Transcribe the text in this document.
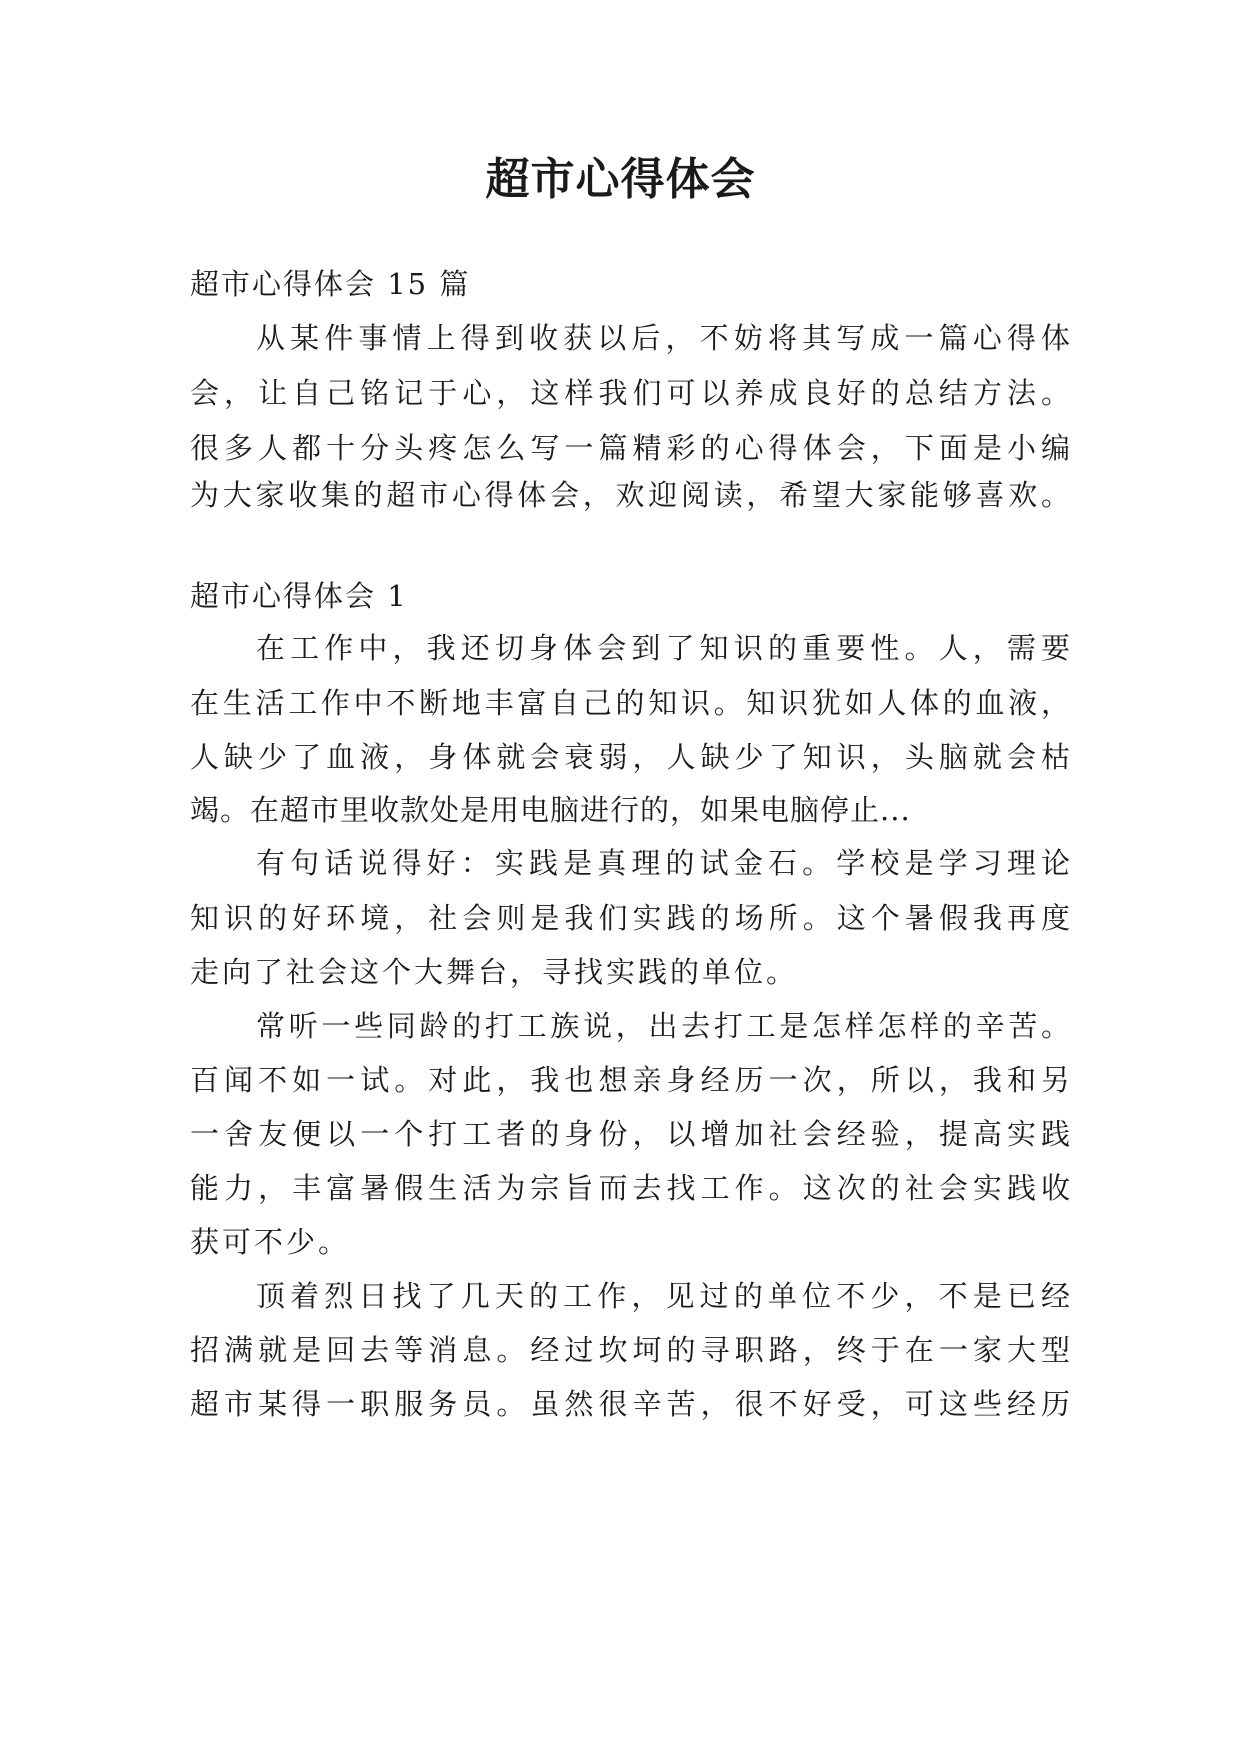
超市心得体会
超市心得体会 15 篇
从某件事情上得到收获以后，不妨将其写成一篇心得体
会，让自己铭记于心，这样我们可以养成良好的总结方法。
很多人都十分头疼怎么写一篇精彩的心得体会，下面是小编
为大家收集的超市心得体会，欢迎阅读，希望大家能够喜欢。
超市心得体会 1
在工作中，我还切身体会到了知识的重要性。人，需要
在生活工作中不断地丰富自己的知识。知识犹如人体的血液，
人缺少了血液，身体就会衰弱，人缺少了知识，头脑就会枯
竭。在超市里收款处是用电脑进行的，如果电脑停止...
有句话说得好：实践是真理的试金石。学校是学习理论
知识的好环境，社会则是我们实践的场所。这个暑假我再度
走向了社会这个大舞台，寻找实践的单位。
常听一些同龄的打工族说，出去打工是怎样怎样的辛苦。
百闻不如一试。对此，我也想亲身经历一次，所以，我和另
一舍友便以一个打工者的身份，以增加社会经验，提高实践
能力，丰富暑假生活为宗旨而去找工作。这次的社会实践收
获可不少。
顶着烈日找了几天的工作，见过的单位不少，不是已经
招满就是回去等消息。经过坎坷的寻职路，终于在一家大型
超市某得一职服务员。虽然很辛苦，很不好受，可这些经历
